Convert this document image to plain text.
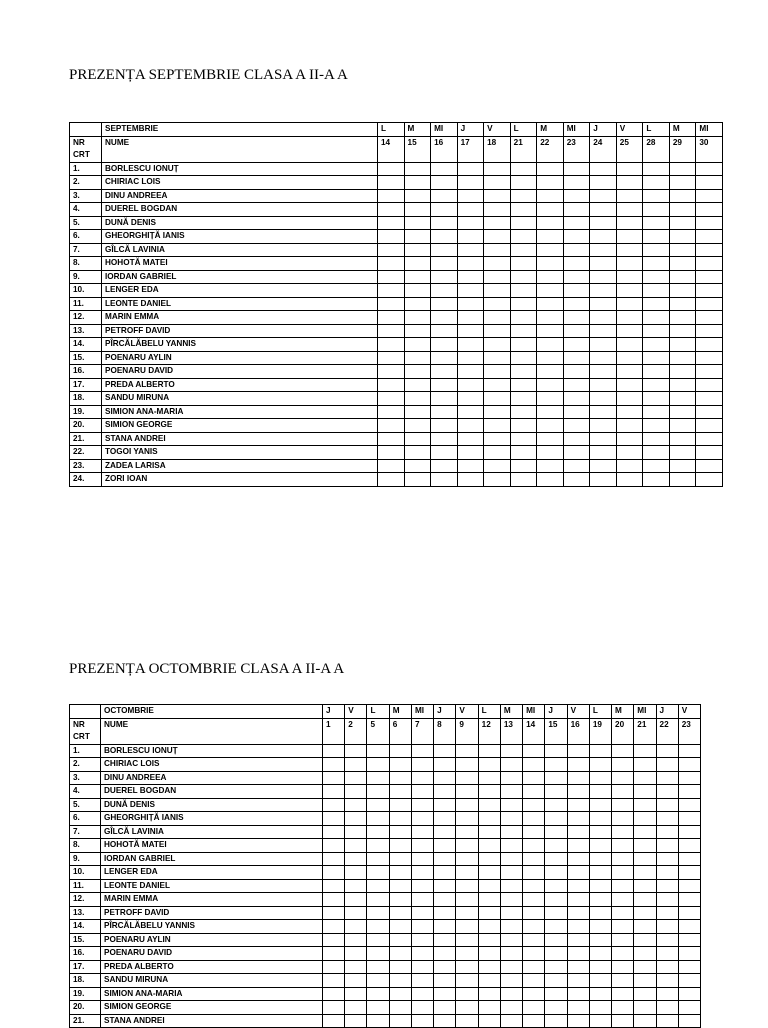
PREZENȚA SEPTEMBRIE CLASA A II-A A
	SEPTEMBRIE	L	M	MI	J	V	L	M	MI	J	V	L	M	MI
NR CRT	NUME	14	15	16	17	18	21	22	23	24	25	28	29	30
1.	BORLESCU IONUȚ													
2.	CHIRIAC LOIS													
3.	DINU ANDREEA													
4.	DUEREL BOGDAN													
5.	DUNĂ DENIS													
6.	GHEORGHIȚĂ IANIS													
7.	GÎLCĂ LAVINIA													
8.	HOHOTĂ MATEI													
9.	IORDAN GABRIEL													
10.	LENGER EDA													
11.	LEONTE DANIEL													
12.	MARIN EMMA													
13.	PETROFF DAVID													
14.	PÎRCĂLĂBELU YANNIS													
15.	POENARU AYLIN													
16.	POENARU DAVID													
17.	PREDA ALBERTO													
18.	SANDU MIRUNA													
19.	SIMION ANA-MARIA													
20.	SIMION GEORGE													
21.	STANA ANDREI													
22.	TOGOI YANIS													
23.	ZADEA LARISA													
24.	ZORI IOAN													
PREZENȚA OCTOMBRIE CLASA A II-A A
	OCTOMBRIE	J	V	L	M	MI	J	V	L	M	MI	J	V	L	M	MI	J	V
NR CRT	NUME	1	2	5	6	7	8	9	12	13	14	15	16	19	20	21	22	23
1.	BORLESCU IONUȚ																	
2.	CHIRIAC LOIS																	
3.	DINU ANDREEA																	
4.	DUEREL BOGDAN																	
5.	DUNĂ DENIS																	
6.	GHEORGHIȚĂ IANIS																	
7.	GÎLCĂ LAVINIA																	
8.	HOHOTĂ MATEI																	
9.	IORDAN GABRIEL																	
10.	LENGER EDA																	
11.	LEONTE DANIEL																	
12.	MARIN EMMA																	
13.	PETROFF DAVID																	
14.	PÎRCĂLĂBELU YANNIS																	
15.	POENARU AYLIN																	
16.	POENARU DAVID																	
17.	PREDA ALBERTO																	
18.	SANDU MIRUNA																	
19.	SIMION ANA-MARIA																	
20.	SIMION GEORGE																	
21.	STANA ANDREI																	
